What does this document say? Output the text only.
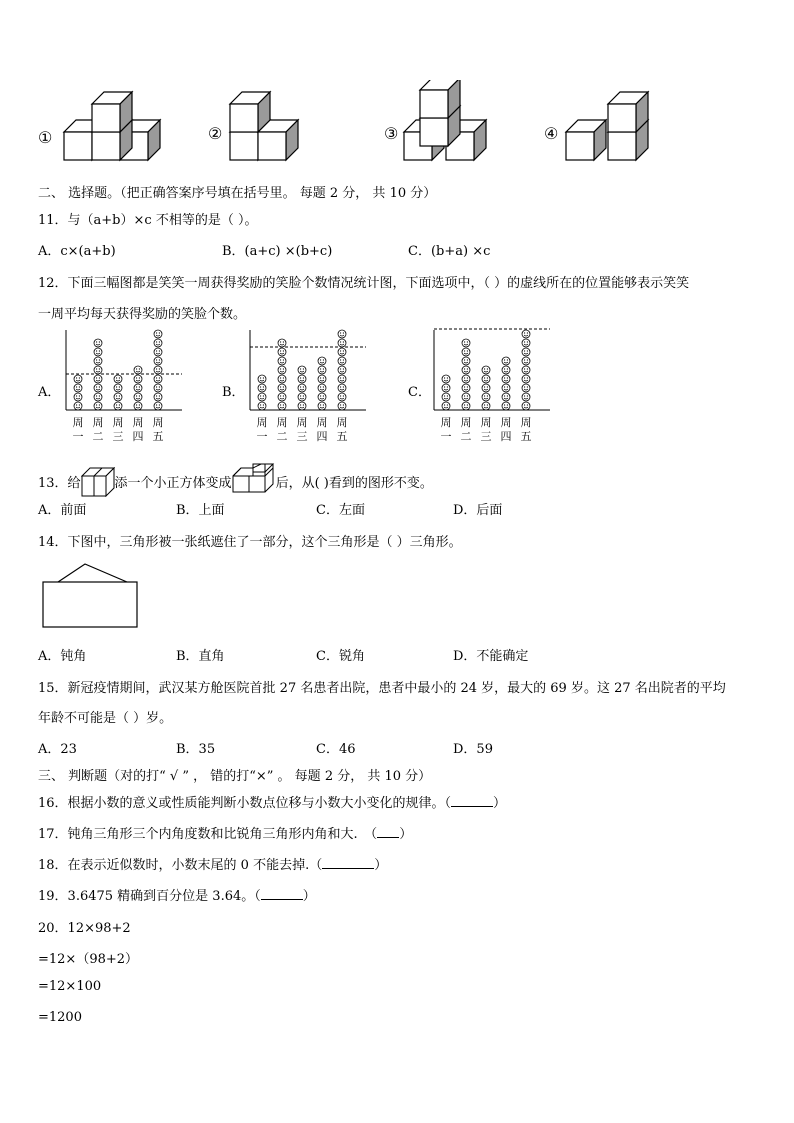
①	②	③	④
二、 选择题。（把正确答案序号填在括号里。 每题 2 分， 共 10 分）
11．与（a+b）×c 不相等的是（ ）。
A．c×(a+b)	B．(a+c) ×(b+c)	C．(b+a) ×c
12．下面三幅图都是笑笑一周获得奖励的笑脸个数情况统计图，下面选项中，（ ）的虚线所在的位置能够表示笑笑
一周平均每天获得奖励的笑脸个数。
A．	B．	C．
周
一
周
二
周
三
周
四
周
五
周
一
周
二
周
三
周
四
周
五
周
一
周
二
周
三
周
四
周
五
13．给	添一个小正方体变成	后，从( )看到的图形不变。
A．前面	B．上面	C．左面	D．后面
14．下图中，三角形被一张纸遮住了一部分，这个三角形是（ ）三角形。
A．钝角	B．直角	C．锐角	D．不能确定
15．新冠疫情期间，武汉某方舱医院首批 27 名患者出院，患者中最小的 24 岁，最大的 69 岁。这 27 名出院者的平均
年龄不可能是（ ）岁。
A．23	B．35	C．46	D．59
三、 判断题（对的打“ √ ” ， 错的打“×” 。 每题 2 分， 共 10 分）
16．根据小数的意义或性质能判断小数点位移与小数大小变化的规律。（	）
17．钝角三角形三个内角度数和比锐角三角形内角和大.　（ ）
18．在表示近似数时，小数末尾的 0 不能去掉.（	）
19．3.6475 精确到百分位是 3.64。（	）
20．12×98+2
=12×（98+2）
=12×100
=1200
